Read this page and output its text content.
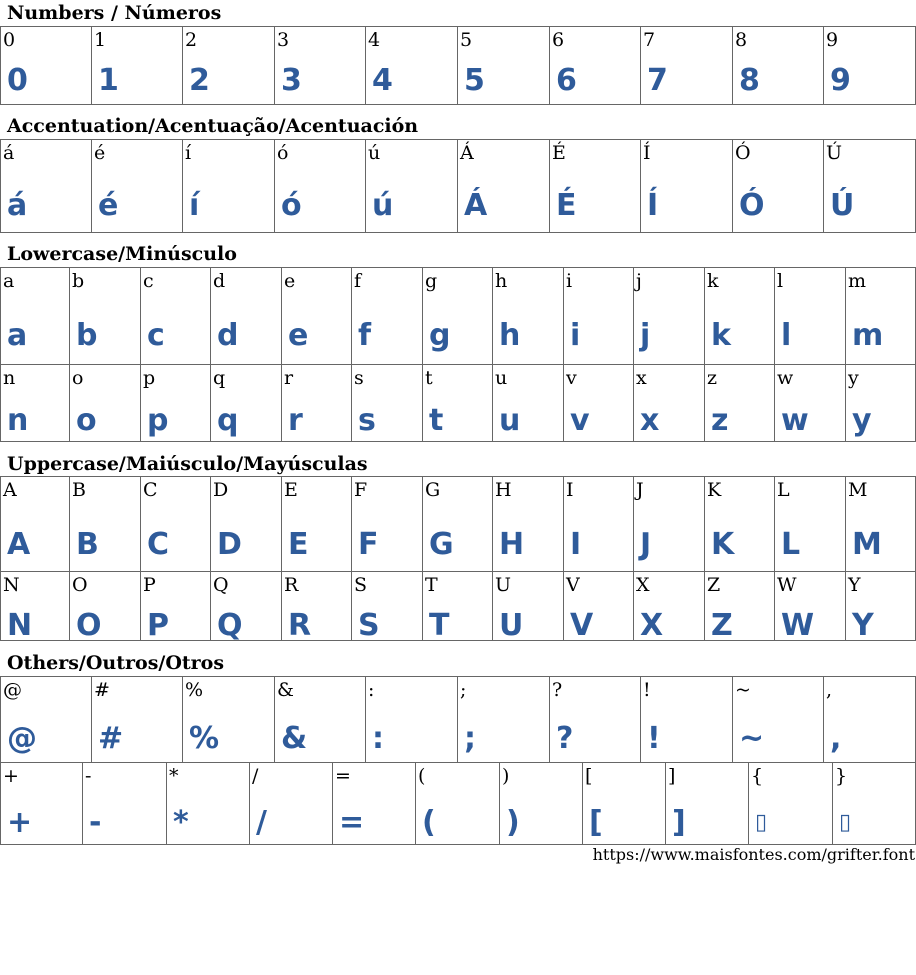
Numbers / Números
0
0
1
1
2
2
3
3
4
4
5
5
6
6
7
7
8
8
9
9
Accentuation/Acentuação/Acentuación
á
á
é
é
í
í
ó
ó
ú
ú
Á
Á
É
É
Í
Í
Ó
Ó
Ú
Ú
Lowercase/Minúsculo
a
a
b
b
c
c
d
d
e
e
f
f
g
g
h
h
i
i
j
j
k
k
l
l
m
m
n
n
o
o
p
p
q
q
r
r
s
s
t
t
u
u
v
v
x
x
z
z
w
w
y
y
Uppercase/Maiúsculo/Mayúsculas
A
A
B
B
C
C
D
D
E
E
F
F
G
G
H
H
I
I
J
J
K
K
L
L
M
M
N
N
O
O
P
P
Q
Q
R
R
S
S
T
T
U
U
V
V
X
X
Z
Z
W
W
Y
Y
Others/Outros/Otros
@
@
#
#
%
%
&
&
:
:
;
;
?
?
!
!
~
~
,
,
+
+
-
-
*
*
/
/
=
=
(
(
)
)
[
[
]
]
{
▯
}
▯
https://www.maisfontes.com/grifter.font
